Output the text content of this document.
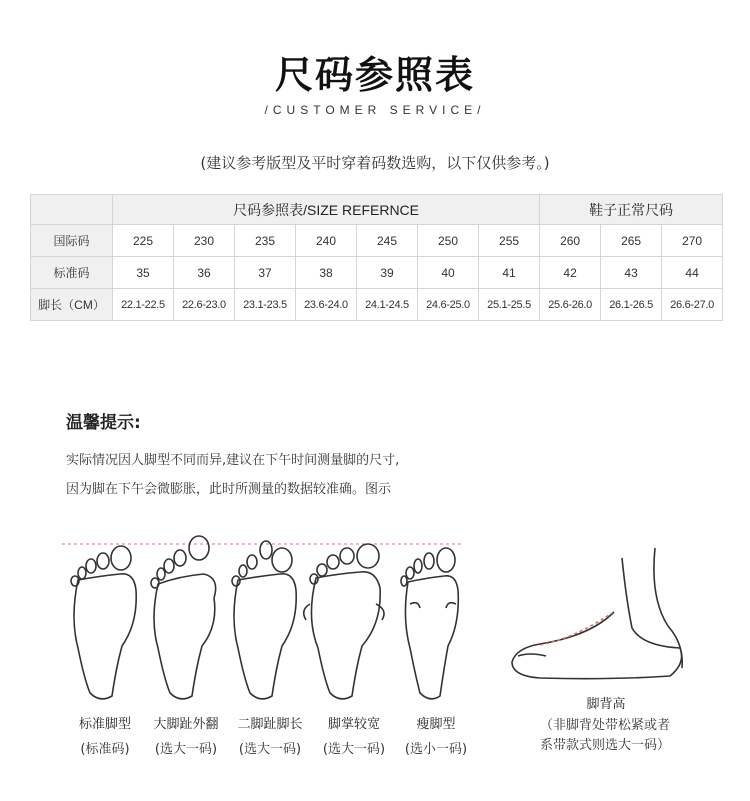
尺码参照表
/CUSTOMER SERVICE/
(建议参考版型及平时穿着码数选购，以下仅供参考。)
	尺码参照表/SIZE REFERNCE							鞋子正常尺码		
国际码	225	230	235	240	245	250	255	260	265	270
标准码	35	36	37	38	39	40	41	42	43	44
脚长（CM）	22.1-22.5	22.6-23.0	23.1-23.5	23.6-24.0	24.1-24.5	24.6-25.0	25.1-25.5	25.6-26.0	26.1-26.5	26.6-27.0
温馨提示:
实际情况因人脚型不同而异,建议在下午时间测量脚的尺寸,
因为脚在下午会微膨胀，此时所测量的数据较准确。图示
标准脚型
(标准码)
大脚趾外翻
(选大一码)
二脚趾脚长
(选大一码)
脚掌较宽
(选大一码)
瘦脚型
(选小一码)
脚背高
（非脚背处带松紧或者
系带款式则选大一码）
